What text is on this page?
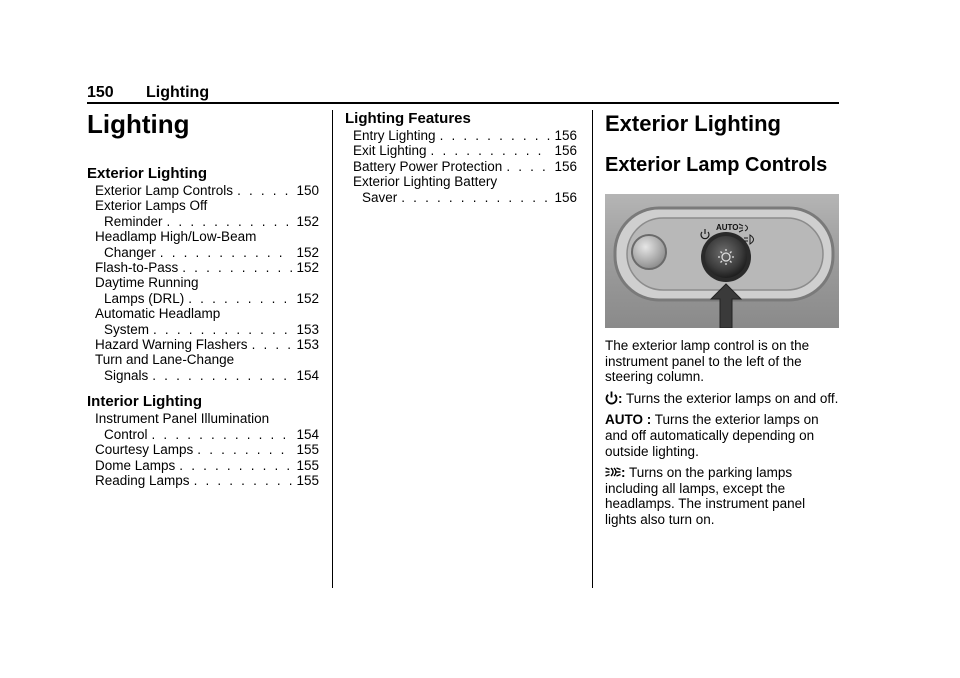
150 Lighting
Lighting
Exterior Lighting
Exterior Lamp Controls . . .	150
Exterior Lamps Off
Reminder . . .	152
Headlamp High/Low-Beam
Changer . . .	152
Flash-to-Pass . . .	152
Daytime Running
Lamps (DRL) . . .	152
Automatic Headlamp
System . . .	153
Hazard Warning Flashers . . .	153
Turn and Lane-Change
Signals . . .	154
Interior Lighting
Instrument Panel Illumination
Control . . .	154
Courtesy Lamps . . .	155
Dome Lamps . . .	155
Reading Lamps . . .	155
Lighting Features
Entry Lighting . . .	156
Exit Lighting . . .	156
Battery Power Protection . . .	156
Exterior Lighting Battery
Saver . . .	156
Exterior Lighting
Exterior Lamp Controls
AUTO

The exterior lamp control is on the instrument panel to the left of the steering column.

: Turns the exterior lamps on and off.

AUTO : Turns the exterior lamps on and off automatically depending on outside lighting.

: Turns on the parking lamps including all lamps, except the headlamps. The instrument panel lights also turn on.
